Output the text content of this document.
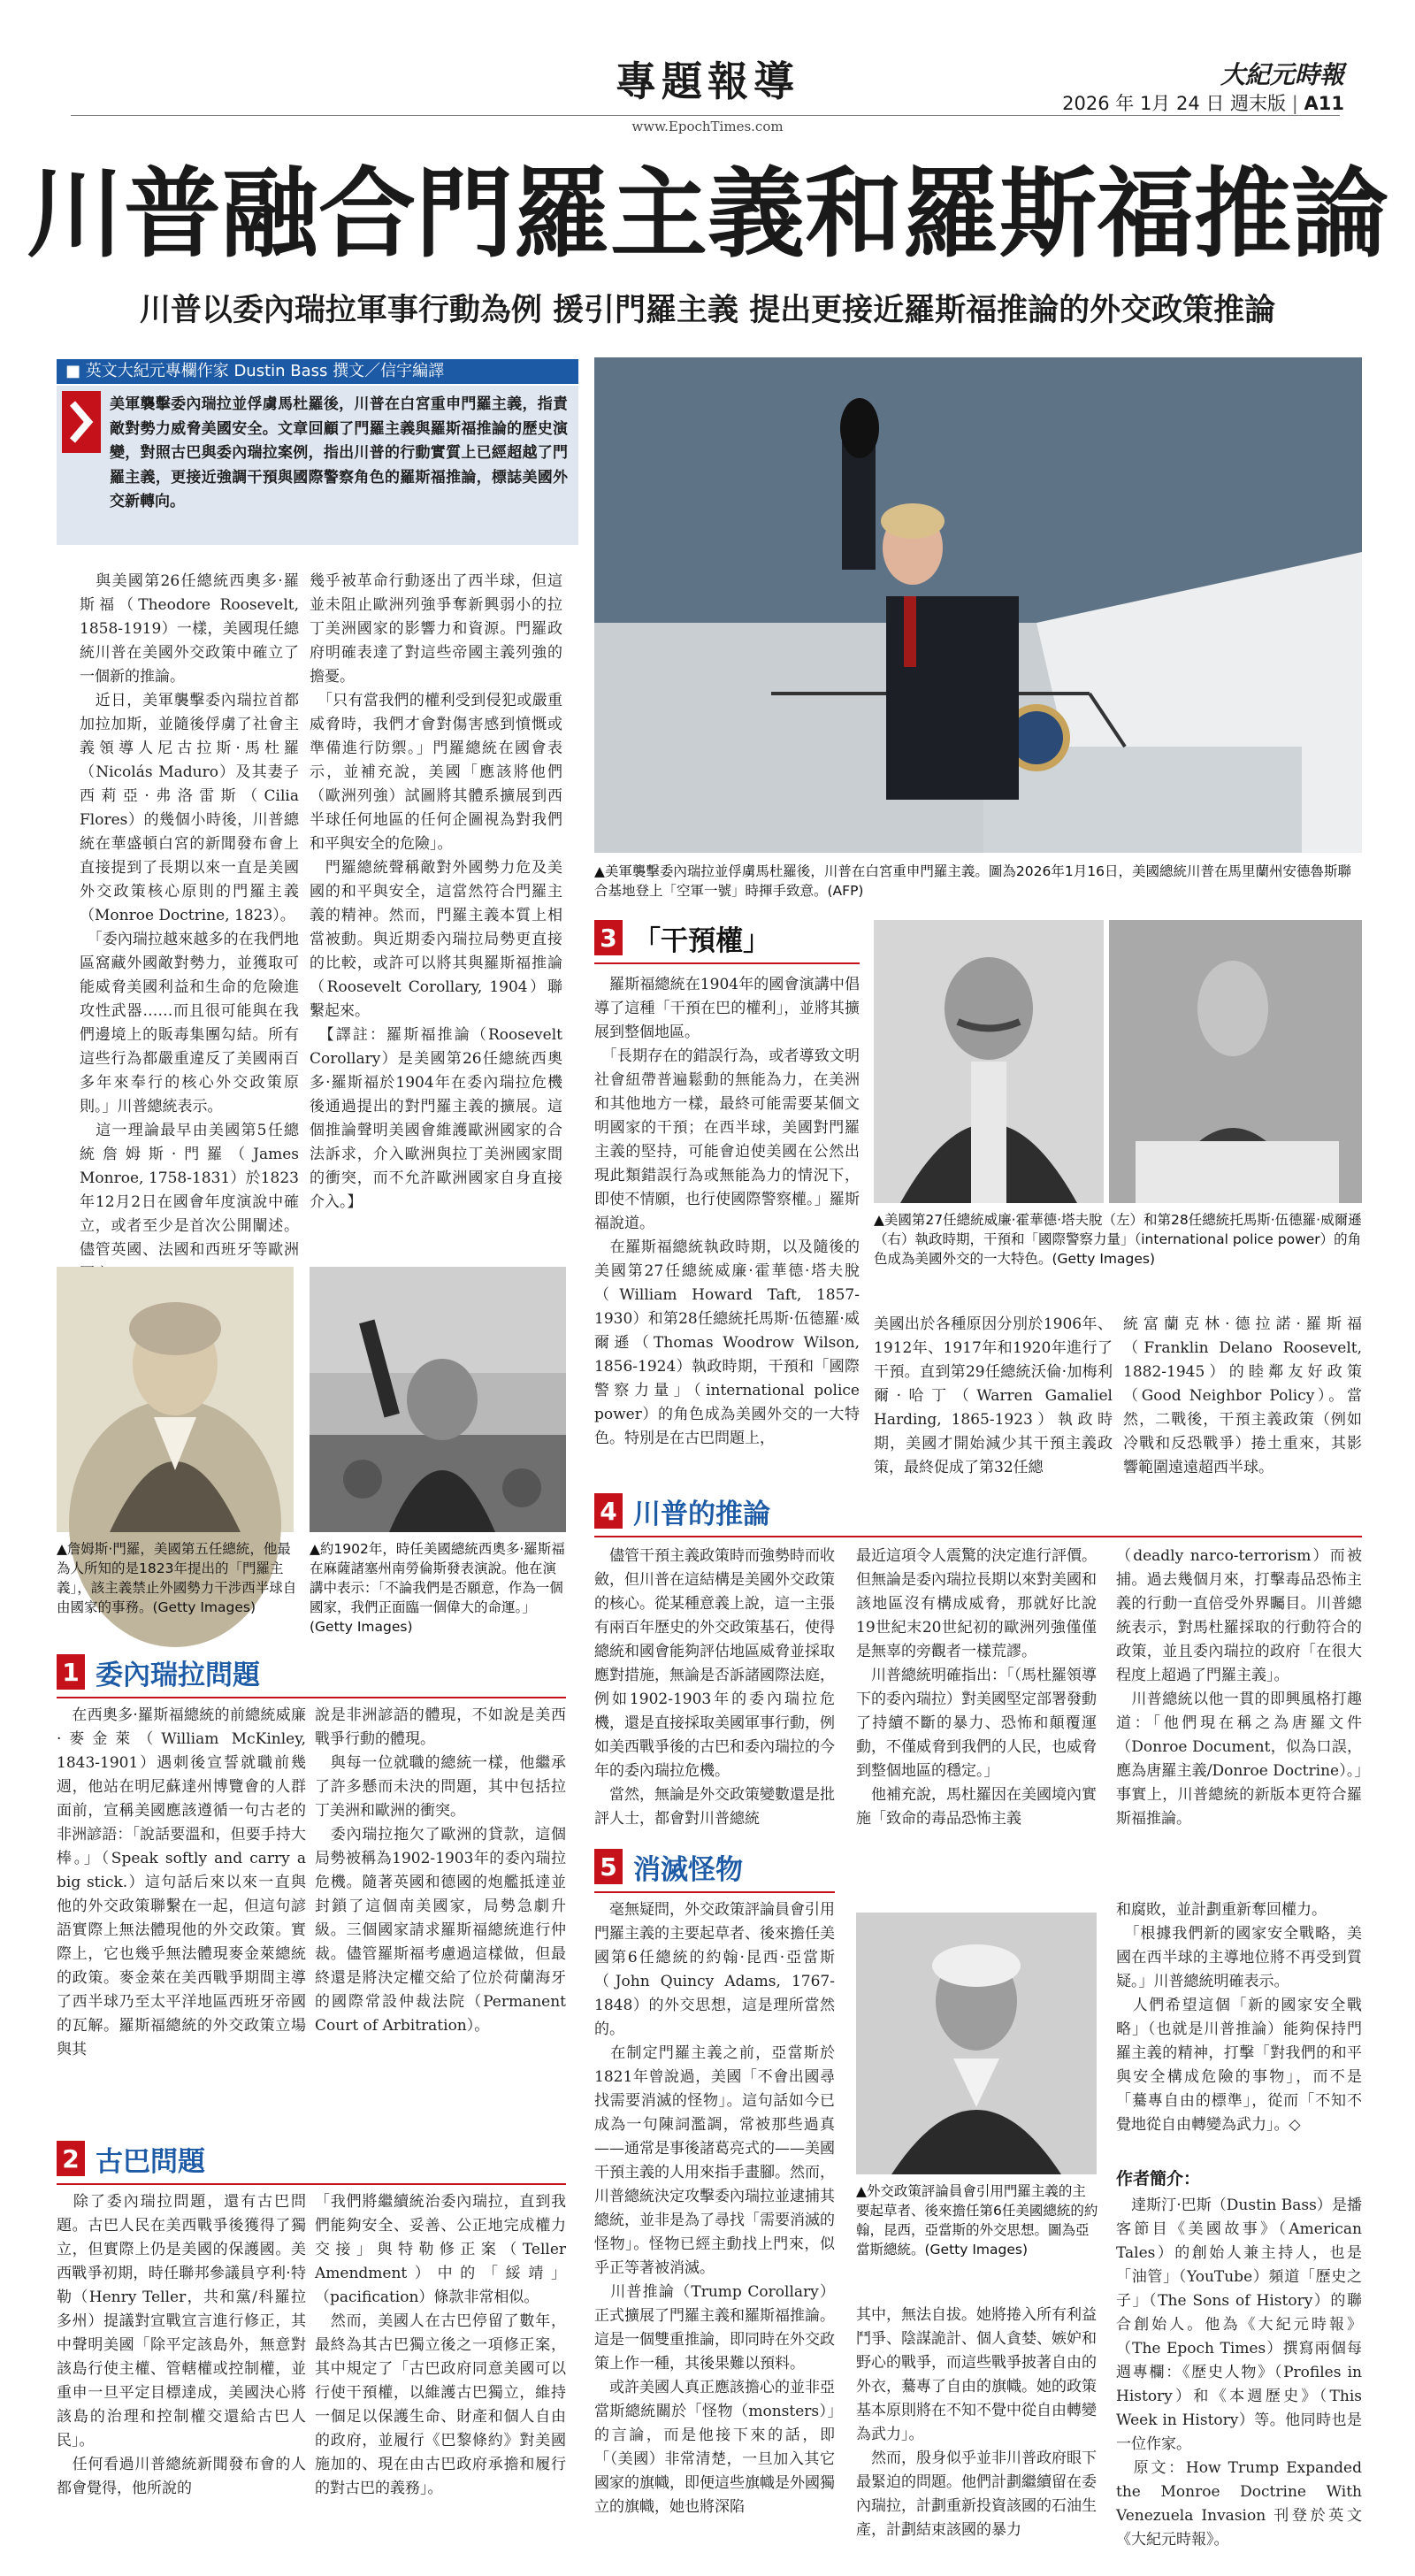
專題報導
www.EpochTimes.com
大紀元時報
2026 年 1月 24 日 週末版 | A11
川普融合門羅主義和羅斯福推論
川普以委內瑞拉軍事行動為例 援引門羅主義 提出更接近羅斯福推論的外交政策推論
■ 英文大紀元專欄作家 Dustin Bass 撰文／信宇編譯
美軍襲擊委內瑞拉並俘虜馬杜羅後，川普在白宮重申門羅主義，指責敵對勢力威脅美國安全。文章回顧了門羅主義與羅斯福推論的歷史演變，對照古巴與委內瑞拉案例，指出川普的行動實質上已經超越了門羅主義，更接近強調干預與國際警察角色的羅斯福推論，標誌美國外交新轉向。
▲美軍襲擊委內瑞拉並俘虜馬杜羅後，川普在白宮重申門羅主義。圖為2026年1月16日，美國總統川普在馬里蘭州安德魯斯聯合基地登上「空軍一號」時揮手致意。(AFP)
　與美國第26任總統西奧多·羅斯福（Theodore Roosevelt, 1858-1919）一樣，美國現任總統川普在美國外交政策中確立了一個新的推論。
　近日，美軍襲擊委內瑞拉首都加拉加斯，並隨後俘虜了社會主義領導人尼古拉斯·馬杜羅（Nicolás Maduro）及其妻子西莉亞·弗洛雷斯（Cilia Flores）的幾個小時後，川普總統在華盛頓白宮的新聞發布會上直接提到了長期以來一直是美國外交政策核心原則的門羅主義（Monroe Doctrine, 1823）。
　「委內瑞拉越來越多的在我們地區窩藏外國敵對勢力，並獲取可能威脅美國利益和生命的危險進攻性武器……而且很可能與在我們邊境上的販毒集團勾結。所有這些行為都嚴重違反了美國兩百多年來奉行的核心外交政策原則。」川普總統表示。
　這一理論最早由美國第5任總統詹姆斯·門羅（James Monroe, 1758-1831）於1823年12月2日在國會年度演說中確立，或者至少是首次公開闡述。儘管英國、法國和西班牙等歐洲
幾乎被革命行動逐出了西半球，但這並未阻止歐洲列強爭奪新興弱小的拉丁美洲國家的影響力和資源。門羅政府明確表達了對這些帝國主義列強的擔憂。
　「只有當我們的權利受到侵犯或嚴重威脅時，我們才會對傷害感到憤慨或準備進行防禦。」門羅總統在國會表示，並補充說，美國「應該將他們（歐洲列強）試圖將其體系擴展到西半球任何地區的任何企圖視為對我們和平與安全的危險」。
　門羅總統聲稱敵對外國勢力危及美國的和平與安全，這當然符合門羅主義的精神。然而，門羅主義本質上相當被動。與近期委內瑞拉局勢更直接的比較，或許可以將其與羅斯福推論（Roosevelt Corollary, 1904）聯繫起來。
　【譯註：羅斯福推論（Roosevelt Corollary）是美國第26任總統西奧多·羅斯福於1904年在委內瑞拉危機後通過提出的對門羅主義的擴展。這個推論聲明美國會維護歐洲國家的合法訴求，介入歐洲與拉丁美洲國家間的衝突，而不允許歐洲國家自身直接介入。】
▲詹姆斯·門羅，美國第五任總統，他最為人所知的是1823年提出的「門羅主義」，該主義禁止外國勢力干涉西半球自由國家的事務。(Getty Images)
▲約1902年，時任美國總統西奧多·羅斯福在麻薩諸塞州南勞倫斯發表演說。他在演講中表示：「不論我們是否願意，作為一個國家，我們正面臨一個偉大的命運。」(Getty Images)
1 委內瑞拉問題
　在西奧多·羅斯福總統的前總統威廉·麥金萊（William McKinley, 1843-1901）遇刺後宣誓就職前幾週，他站在明尼蘇達州博覽會的人群面前，宣稱美國應該遵循一句古老的非洲諺語：「說話要溫和，但要手持大棒。」（Speak softly and carry a big stick.）這句話后來以來一直與他的外交政策聯繫在一起，但這句諺語實際上無法體現他的外交政策。實際上，它也幾乎無法體現麥金萊總統的政策。麥金萊在美西戰爭期間主導了西半球乃至太平洋地區西班牙帝國的瓦解。羅斯福總統的外交政策立場與其
說是非洲諺語的體現，不如說是美西戰爭行動的體現。
　與每一位就職的總統一樣，他繼承了許多懸而未決的問題，其中包括拉丁美洲和歐洲的衝突。
　委內瑞拉拖欠了歐洲的貸款，這個局勢被稱為1902-1903年的委內瑞拉危機。隨著英國和德國的炮艦抵達並封鎖了這個南美國家，局勢急劇升級。三個國家請求羅斯福總統進行仲裁。儘管羅斯福考慮過這樣做，但最終還是將決定權交給了位於荷蘭海牙的國際常設仲裁法院（Permanent Court of Arbitration）。
2 古巴問題
　除了委內瑞拉問題，還有古巴問題。古巴人民在美西戰爭後獲得了獨立，但實際上仍是美國的保護國。美西戰爭初期，時任聯邦參議員亨利·特勒（Henry Teller，共和黨/科羅拉多州）提議對宣戰宣言進行修正，其中聲明美國「除平定該島外，無意對該島行使主權、管轄權或控制權，並重申一旦平定目標達成，美國決心將該島的治理和控制權交還給古巴人民」。
　任何看過川普總統新聞發布會的人都會覺得，他所說的
「我們將繼續統治委內瑞拉，直到我們能夠安全、妥善、公正地完成權力交接」與特勒修正案（Teller Amendment）中的「綏靖」（pacification）條款非常相似。
　然而，美國人在古巴停留了數年，最終為其古巴獨立後之一項修正案，其中規定了「古巴政府同意美國可以行使干預權，以維護古巴獨立，維持一個足以保護生命、財產和個人自由的政府，並履行《巴黎條約》對美國施加的、現在由古巴政府承擔和履行的對古巴的義務」。
3 「干預權」
　羅斯福總統在1904年的國會演講中倡導了這種「干預在巴的權利」，並將其擴展到整個地區。
　「長期存在的錯誤行為，或者導致文明社會紐帶普遍鬆動的無能為力，在美洲和其他地方一樣，最終可能需要某個文明國家的干預；在西半球，美國對門羅主義的堅持，可能會迫使美國在公然出現此類錯誤行為或無能為力的情況下，即使不情願，也行使國際警察權。」羅斯福說道。
　在羅斯福總統執政時期，以及隨後的美國第27任總統威廉·霍華德·塔夫脫（William Howard Taft, 1857-1930）和第28任總統托馬斯·伍德羅·威爾遜（Thomas Woodrow Wilson, 1856-1924）執政時期，干預和「國際警察力量」（international police power）的角色成為美國外交的一大特色。特別是在古巴問題上，
▲美國第27任總統威廉·霍華德·塔夫脫（左）和第28任總統托馬斯·伍德羅·威爾遜（右）執政時期，干預和「國際警察力量」（international police power）的角色成為美國外交的一大特色。(Getty Images)
美國出於各種原因分別於1906年、1912年、1917年和1920年進行了干預。直到第29任總統沃倫·加梅利爾·哈丁（Warren Gamaliel Harding, 1865-1923）執政時期，美國才開始減少其干預主義政策，最終促成了第32任總
統富蘭克林·德拉諾·羅斯福（Franklin Delano Roosevelt, 1882-1945）的睦鄰友好政策（Good Neighbor Policy）。當然，二戰後，干預主義政策（例如冷戰和反恐戰爭）捲土重來，其影響範圍遠遠超西半球。
4 川普的推論
　儘管干預主義政策時而強勢時而收斂，但川普在這結構是美國外交政策的核心。從某種意義上說，這一主張有兩百年歷史的外交政策基石，使得總統和國會能夠評估地區威脅並採取應對措施，無論是否訴諸國際法庭，例如1902-1903年的委內瑞拉危機，還是直接採取美國軍事行動，例如美西戰爭後的古巴和委內瑞拉的今年的委內瑞拉危機。
　當然，無論是外交政策變數還是批評人士，都會對川普總統
最近這項令人震驚的決定進行評價。但無論是委內瑞拉長期以來對美國和該地區沒有構成威脅，那就好比說19世紀末20世紀初的歐洲列強僅僅是無辜的旁觀者一樣荒謬。
　川普總統明確指出：「（馬杜羅領導下的委內瑞拉）對美國堅定部署發動了持續不斷的暴力、恐怖和顛覆運動，不僅威脅到我們的人民，也威脅到整個地區的穩定。」
　他補充說，馬杜羅因在美國境內實施「致命的毒品恐怖主義
（deadly narco-terrorism）而被捕。過去幾個月來，打擊毒品恐怖主義的行動一直倍受外界矚目。川普總統表示，對馬杜羅採取的行動符合的政策，並且委內瑞拉的政府「在很大程度上超過了門羅主義」。
　川普總統以他一貫的即興風格打趣道：「他們現在稱之為唐羅文件（Donroe Document，似為口誤，應為唐羅主義/Donroe Doctrine）。」事實上，川普總統的新版本更符合羅斯福推論。
5 消滅怪物
　毫無疑問，外交政策評論員會引用門羅主義的主要起草者、後來擔任美國第6任總統的約翰·昆西·亞當斯（John Quincy Adams, 1767-1848）的外交思想，這是理所當然的。
　在制定門羅主義之前，亞當斯於1821年曾說過，美國「不會出國尋找需要消滅的怪物」。這句話如今已成為一句陳詞濫調，常被那些過真——通常是事後諸葛亮式的——美國干預主義的人用來指手畫腳。然而，川普總統決定攻擊委內瑞拉並逮捕其總統，並非是為了尋找「需要消滅的怪物」。怪物已經主動找上門來，似乎正等著被消滅。
　川普推論（Trump Corollary）正式擴展了門羅主義和羅斯福推論。這是一個雙重推論，即同時在外交政策上作一種，其後果難以預料。
　或許美國人真正應該擔心的並非亞當斯總統關於「怪物（monsters）」的言論，而是他接下來的話，即「（美國）非常清楚，一旦加入其它國家的旗幟，即便這些旗幟是外國獨立的旗幟，她也將深陷
▲外交政策評論員會引用門羅主義的主要起草者、後來擔任第6任美國總統的約翰，昆西，亞當斯的外交思想。圖為亞當斯總統。(Getty Images)
其中，無法自拔。她將捲入所有利益鬥爭、陰謀詭計、個人貪婪、嫉妒和野心的戰爭，而這些戰爭披著自由的外衣，驀專了自由的旗幟。她的政策基本原則將在不知不覺中從自由轉變為武力」。
　然而，殷身似乎並非川普政府眼下最緊迫的問題。他們計劃繼續留在委內瑞拉，計劃重新投資該國的石油生產，計劃結束該國的暴力
和腐敗，並計劃重新奪回權力。
　「根據我們新的國家安全戰略，美國在西半球的主導地位將不再受到質疑。」川普總統明確表示。
　人們希望這個「新的國家安全戰略」（也就是川普推論）能夠保持門羅主義的精神，打擊「對我們的和平與安全構成危險的事物」，而不是「驀專自由的標準」，從而「不知不覺地從自由轉變為武力」。◇
作者簡介：
　達斯汀·巴斯（Dustin Bass）是播客節目《美國故事》（American Tales）的創始人兼主持人，也是「油管」（YouTube）頻道「歷史之子」（The Sons of History）的聯合創始人。他為《大紀元時報》（The Epoch Times）撰寫兩個每週專欄：《歷史人物》（Profiles in History）和《本週歷史》（This Week in History）等。他同時也是一位作家。
　原文：How Trump Expanded the Monroe Doctrine With Venezuela Invasion 刊登於英文《大紀元時報》。
